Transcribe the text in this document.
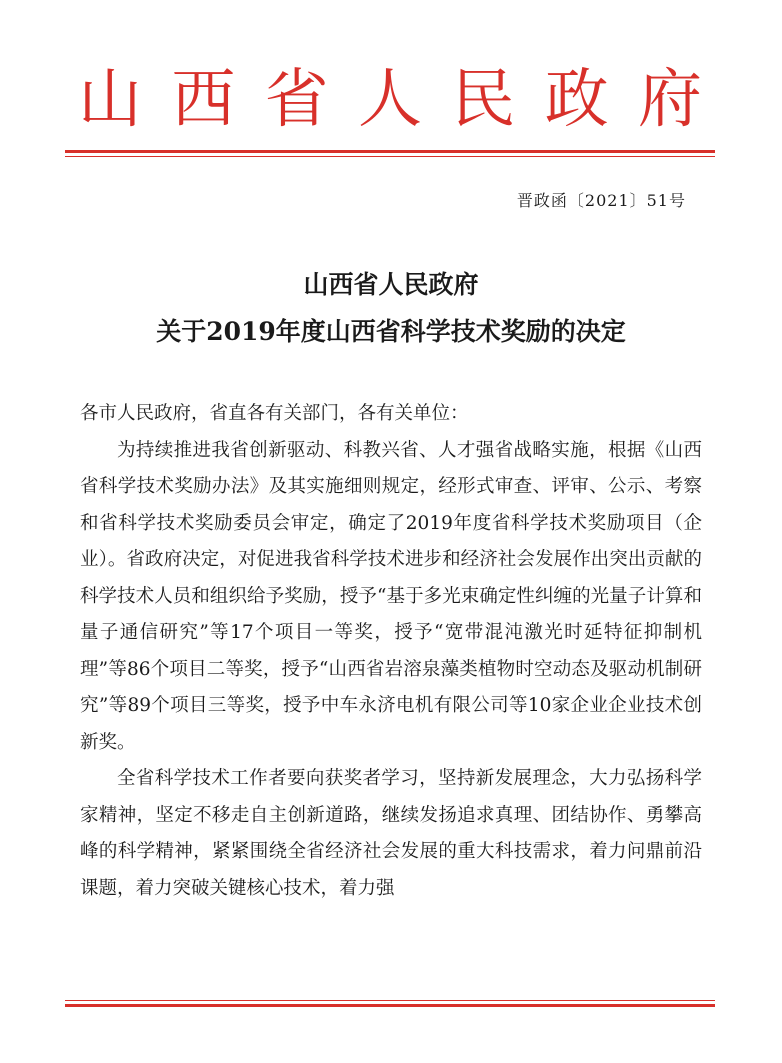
山 西 省 人 民 政 府
晋政函〔2021〕51号
山西省人民政府
关于2019年度山西省科学技术奖励的决定

各市人民政府，省直各有关部门，各有关单位：

为持续推进我省创新驱动、科教兴省、人才强省战略实施，根据《山西省科学技术奖励办法》及其实施细则规定，经形式审查、评审、公示、考察和省科学技术奖励委员会审定，确定了2019年度省科学技术奖励项目（企业）。省政府决定，对促进我省科学技术进步和经济社会发展作出突出贡献的科学技术人员和组织给予奖励，授予“基于多光束确定性纠缠的光量子计算和量子通信研究”等17个项目一等奖，授予“宽带混沌激光时延特征抑制机理”等86个项目二等奖，授予“山西省岩溶泉藻类植物时空动态及驱动机制研究”等89个项目三等奖，授予中车永济电机有限公司等10家企业企业技术创新奖。

全省科学技术工作者要向获奖者学习，坚持新发展理念，大力弘扬科学家精神，坚定不移走自主创新道路，继续发扬追求真理、团结协作、勇攀高峰的科学精神，紧紧围绕全省经济社会发展的重大科技需求，着力问鼎前沿课题，着力突破关键核心技术，着力强
